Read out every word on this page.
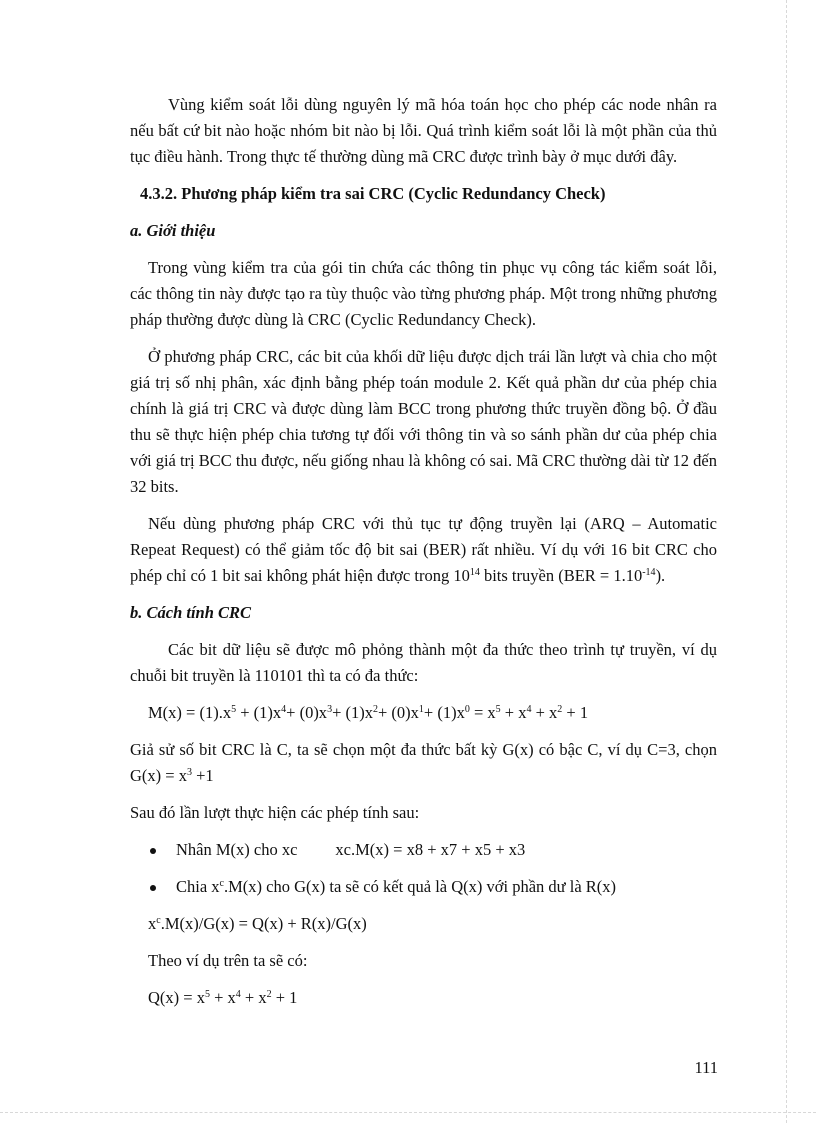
Vùng kiểm soát lỗi dùng nguyên lý mã hóa toán học cho phép các node nhân ra nếu bất cứ bit nào hoặc nhóm bit nào bị lỗi. Quá trình kiểm soát lỗi là một phần của thủ tục điều hành. Trong thực tế thường dùng mã CRC được trình bày ở mục dưới đây.

4.3.2. Phương pháp kiểm tra sai CRC (Cyclic Redundancy Check)

a. Giới thiệu

Trong vùng kiểm tra của gói tin chứa các thông tin phục vụ công tác kiểm soát lỗi, các thông tin này được tạo ra tùy thuộc vào từng phương pháp. Một trong những phương pháp thường được dùng là CRC (Cyclic Redundancy Check).

Ở phương pháp CRC, các bit của khối dữ liệu được dịch trái lần lượt và chia cho một giá trị số nhị phân, xác định bằng phép toán module 2. Kết quả phần dư của phép chia chính là giá trị CRC và được dùng làm BCC trong phương thức truyền đồng bộ. Ở đầu thu sẽ thực hiện phép chia tương tự đối với thông tin và so sánh phần dư của phép chia với giá trị BCC thu được, nếu giống nhau là không có sai. Mã CRC thường dài từ 12 đến 32 bits.

Nếu dùng phương pháp CRC với thủ tục tự động truyền lại (ARQ – Automatic Repeat Request) có thể giảm tốc độ bit sai (BER) rất nhiều. Ví dụ với 16 bit CRC cho phép chỉ có 1 bit sai không phát hiện được trong $10^{14}$ bits truyền $(BER = 1.10^{-14})$.

b. Cách tính CRC

Các bit dữ liệu sẽ được mô phỏng thành một đa thức theo trình tự truyền, ví dụ chuỗi bit truyền là 110101 thì ta có đa thức:

$M(x) = (1).x^5 + (1)x^4+ (0)x^3+ (1)x^2+ (0)x^1+ (1)x^0 = x^5 + x^4 + x^2 + 1$

Giả sử số bit CRC là C, ta sẽ chọn một đa thức bất kỳ G(x) có bậc C, ví dụ C=3, chọn $G(x) = x^3 +1$

Sau đó lần lượt thực hiện các phép tính sau:

Nhân M(x) cho xc xc.M(x) = x8 + x7 + x5 + x3

Chia $x^c.M(x)$ cho G(x) ta sẽ có kết quả là Q(x) với phần dư là R(x)

$x^c.M(x)/G(x) = Q(x) + R(x)/G(x)$

Theo ví dụ trên ta sẽ có:

$Q(x) = x^5 + x^4 + x^2 + 1$

111
